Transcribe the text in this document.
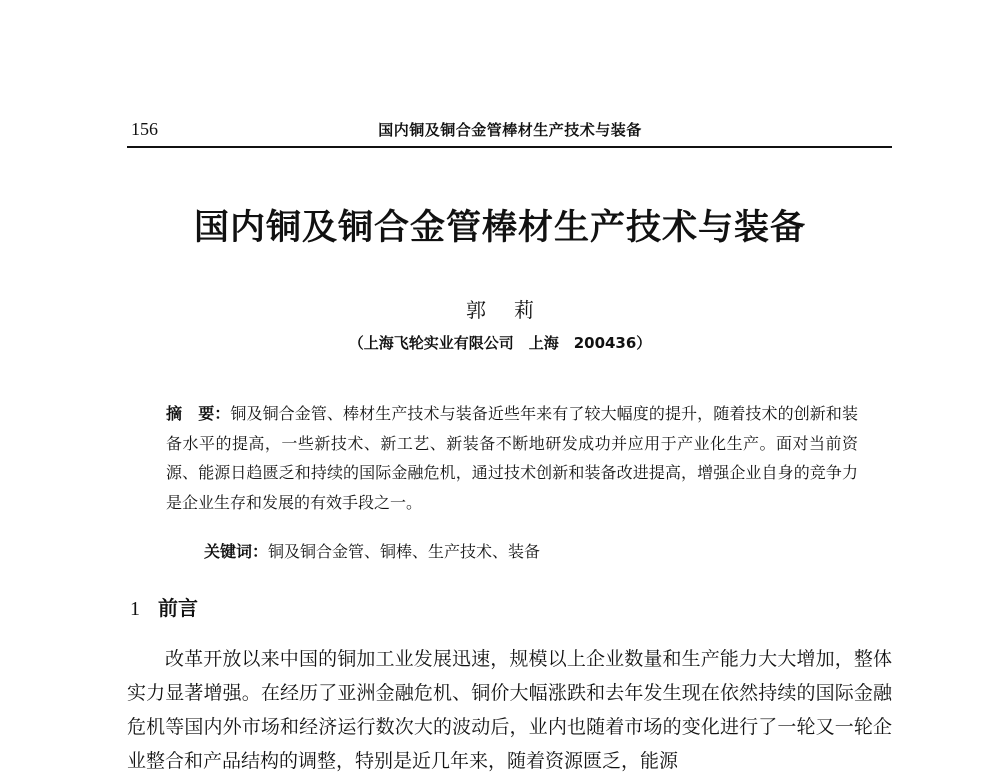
156	国内铜及铜合金管棒材生产技术与装备
国内铜及铜合金管棒材生产技术与装备
郭莉
（上海飞轮实业有限公司　上海　200436）
摘　要：铜及铜合金管、棒材生产技术与装备近些年来有了较大幅度的提升，随着技术的创新和装备水平的提高，一些新技术、新工艺、新装备不断地研发成功并应用于产业化生产。面对当前资源、能源日趋匮乏和持续的国际金融危机，通过技术创新和装备改进提高，增强企业自身的竞争力是企业生存和发展的有效手段之一。
关键词：铜及铜合金管、铜棒、生产技术、装备
1 前言

改革开放以来中国的铜加工业发展迅速，规模以上企业数量和生产能力大大增加，整体实力显著增强。在经历了亚洲金融危机、铜价大幅涨跌和去年发生现在依然持续的国际金融危机等国内外市场和经济运行数次大的波动后，业内也随着市场的变化进行了一轮又一轮企业整合和产品结构的调整，特别是近几年来，随着资源匮乏，能源
